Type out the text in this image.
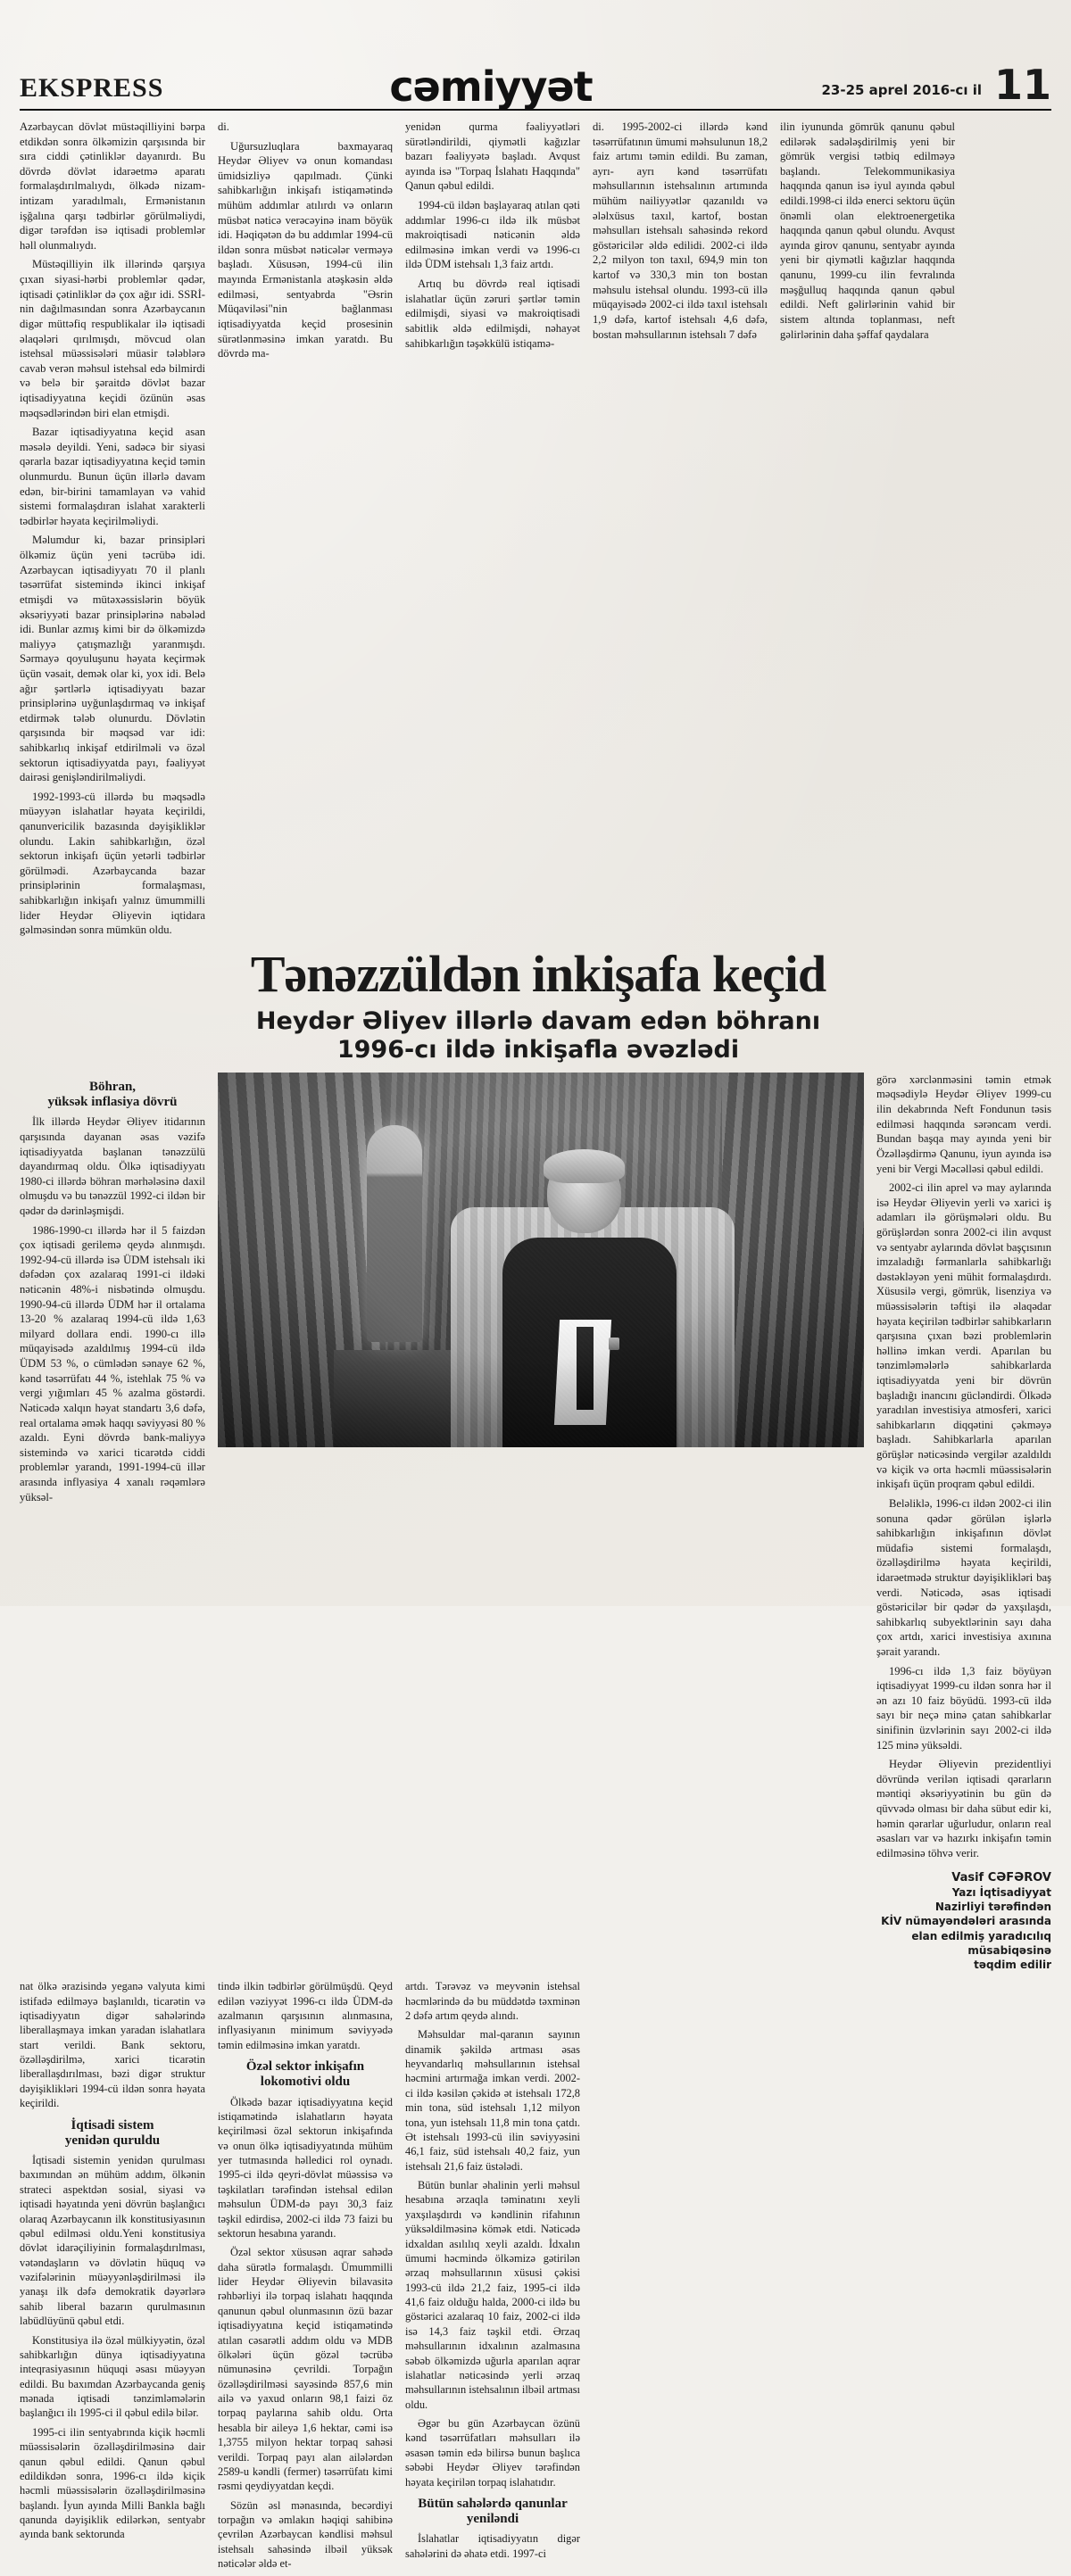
EKSPRESS	cəmiyyət	23-25 aprel 2016-cı il 11

Azərbaycan dövlət müstəqilliyini bərpa etdikdən sonra ölkəmizin qarşısında bir sıra ciddi çətinliklər dayanırdı. Bu dövrdə dövlət idarəetmə aparatı formalaşdırılmalıydı, ölkədə nizam-intizam yaradılmalı, Ermənistanın işğalına qarşı tədbirlər görülməliydi, digər tərəfdən isə iqtisadi problemlər həll olunmalıydı.

Müstəqilliyin ilk illərində qarşıya çıxan siyasi-hərbi problemlər qədər, iqtisadi çətinliklər də çox ağır idi. SSRİ-nin dağılmasından sonra Azərbaycanın digər müttəfiq respublikalar ilə iqtisadi əlaqələri qırılmışdı, mövcud olan istehsal müəssisələri müasir tələblərə cavab verən məhsul istehsal edə bilmirdi və belə bir şəraitdə dövlət bazar iqtisadiyyatına keçidi özünün əsas məqsədlərindən biri elan etmişdi.

Bazar iqtisadiyyatına keçid asan məsələ deyildi. Yeni, sadəcə bir siyasi qərarla bazar iqtisadiyyatına keçid təmin olunmurdu. Bunun üçün illərlə davam edən, bir-birini tamamlayan və vahid sistemi formalaşdıran islahat xarakterli tədbirlər həyata keçirilməliydi.

Məlumdur ki, bazar prinsipləri ölkəmiz üçün yeni təcrübə idi. Azərbaycan iqtisadiyyatı 70 il planlı təsərrüfat sistemində ikinci inkişaf etmişdi və mütəxəssislərin böyük əksəriyyəti bazar prinsiplərinə nabələd idi. Bunlar azmış kimi bir də ölkəmizdə maliyyə çatışmazlığı yaranmışdı. Sərmayə qoyuluşunu həyata keçirmək üçün vəsait, demək olar ki, yox idi. Belə ağır şərtlərlə iqtisadiyyatı bazar prinsiplərinə uyğunlaşdırmaq və inkişaf etdirmək tələb olunurdu. Dövlətin qarşısında bir məqsəd var idi: sahibkarlıq inkişaf etdirilməli və özəl sektorun iqtisadiyyatda payı, fəaliyyət dairəsi genişləndirilməliydi.

1992-1993-cü illərdə bu məqsədlə müəyyən islahatlar həyata keçirildi, qanunvericilik bazasında dəyişikliklər olundu. Lakin sahibkarlığın, özəl sektorun inkişafı üçün yetərli tədbirlər görülmədi. Azərbaycanda bazar prinsiplərinin formalaşması, sahibkarlığın inkişafı yalnız ümummilli lider Heydər Əliyevin iqtidara gəlməsindən sonra mümkün oldu.

di.

Uğursuzluqlara baxmayaraq Heydər Əliyev və onun komandası ümidsizliyə qapılmadı. Çünki sahibkarlığın inkişafı istiqamətində mühüm addımlar atılırdı və onların müsbət nəticə verəcəyinə inam böyük idi. Həqiqətən də bu addımlar 1994-cü ildən sonra müsbət nəticələr verməyə başladı. Xüsusən, 1994-cü ilin mayında Ermənistanla atəşkəsin əldə edilməsi, sentyabrda "Əsrin Müqaviləsi"nin bağlanması iqtisadiyyatda keçid prosesinin sürətlənməsinə imkan yaratdı. Bu dövrdə ma-

yenidən qurma fəaliyyətləri sürətləndirildi, qiymətli kağızlar bazarı fəaliyyətə başladı. Avqust ayında isə "Torpaq İslahatı Haqqında" Qanun qəbul edildi.

1994-cü ildən başlayaraq atılan qəti addımlar 1996-cı ildə ilk müsbət makroiqtisadi nəticənin əldə edilməsinə imkan verdi və 1996-cı ildə ÜDM istehsalı 1,3 faiz artdı.

Artıq bu dövrdə real iqtisadi islahatlar üçün zəruri şərtlər təmin edilmişdi, siyasi və makroiqtisadi sabitlik əldə edilmişdi, nəhayət sahibkarlığın təşəkkülü istiqamə-

di. 1995-2002-ci illərdə kənd təsərrüfatının ümumi məhsulunun 18,2 faiz artımı təmin edildi. Bu zaman, ayrı- ayrı kənd təsərrüfatı məhsullarının istehsalının artımında mühüm nailiyyətlər qazanıldı və ələlxüsus taxıl, kartof, bostan məhsulları istehsalı sahəsində rekord göstəricilər əldə edilidi. 2002-ci ildə 2,2 milyon ton taxıl, 694,9 min ton kartof və 330,3 min ton bostan məhsulu istehsal olundu. 1993-cü illə müqayisədə 2002-ci ildə taxıl istehsalı 1,9 dəfə, kartof istehsalı 4,6 dəfə, bostan məhsullarının istehsalı 7 dəfə

ilin iyununda gömrük qanunu qəbul edilərək sadələşdirilmiş yeni bir gömrük vergisi tətbiq edilməyə başlandı. Telekommunikasiya haqqında qanun isə iyul ayında qəbul edildi.1998-ci ildə enerci sektoru üçün önəmli olan elektroenergetika haqqında qanun qəbul olundu. Avqust ayında girov qanunu, sentyabr ayında yeni bir qiymətli kağızlar haqqında qanunu, 1999-cu ilin fevralında məşğulluq haqqında qanun qəbul edildi. Neft gəlirlərinin vahid bir sistem altında toplanması, neft gəlirlərinin daha şəffaf qaydalara

Tənəzzüldən inkişafa keçid
Heydər Əliyev illərlə davam edən böhranı
1996-cı ildə inkişafla əvəzlədi
Böhran,
yüksək inflasiya dövrü

İlk illərdə Heydər Əliyev itidarının qarşısında dayanan əsas vəzifə iqtisadiyyatda başlanan tənəzzülü dayandırmaq oldu. Ölkə iqtisadiyyatı 1980-ci illərdə böhran mərhələsinə daxil olmuşdu və bu tənəzzül 1992-ci ildən bir qədər də dərinləşmişdi.

1986-1990-cı illərdə hər il 5 faizdən çox iqtisadi gerilemə qeydə alınmışdı. 1992-94-cü illərdə isə ÜDM istehsalı iki dəfədən çox azalaraq 1991-ci ildəki nəticənin 48%-i nisbətində olmuşdu. 1990-94-cü illərdə ÜDM hər il ortalama 13-20 % azalaraq 1994-cü ildə 1,63 milyard dollara endi. 1990-cı illə müqayisədə azaldılmış 1994-cü ildə ÜDM 53 %, o cümlədən sənaye 62 %, kənd təsərrüfatı 44 %, istehlak 75 % və vergi yığımları 45 % azalma göstərdi. Nəticədə xalqın həyat standartı 3,6 dəfə, real ortalama əmək haqqı səviyyəsi 80 % azaldı. Eyni dövrdə bank-maliyyə sistemində və xarici ticarətdə ciddi problemlər yarandı, 1991-1994-cü illər arasında inflyasiya 4 xanalı rəqəmlərə yüksəl-

görə xərclənməsini təmin etmək məqsədiylə Heydər Əliyev 1999-cu ilin dekabrında Neft Fondunun təsis edilməsi haqqında sərəncam verdi. Bundan başqa may ayında yeni bir Özəlləşdirmə Qanunu, iyun ayında isə yeni bir Vergi Məcəlləsi qəbul edildi.

2002-ci ilin aprel və may aylarında isə Heydər Əliyevin yerli və xarici iş adamları ilə görüşmələri oldu. Bu görüşlərdən sonra 2002-ci ilin avqust və sentyabr aylarında dövlət başçısının imzaladığı fərmanlarla sahibkarlığı dəstəkləyən yeni mühit formalaşdırdı. Xüsusilə vergi, gömrük, lisenziya və müəssisələrin təftişi ilə əlaqədar həyata keçirilən tədbirlər sahibkarların qarşısına çıxan bəzi problemlərin həllinə imkan verdi. Aparılan bu tənzimləmələrlə sahibkarlarda iqtisadiyyatda yeni bir dövrün başladığı inancını gücləndirdi. Ölkədə yaradılan investisiya atmosferi, xarici sahibkarların diqqətini çəkməyə başladı. Sahibkarlarla aparılan görüşlər nəticəsində vergilər azaldıldı və kiçik və orta həcmli müəssisələrin inkişafı üçün proqram qəbul edildi.

Beləliklə, 1996-cı ildən 2002-ci ilin sonuna qədər görülən işlərlə sahibkarlığın inkişafının dövlət müdafiə sistemi formalaşdı, özəlləşdirilmə həyata keçirildi, idarəetmədə struktur dəyişiklikləri baş verdi. Nəticədə, əsas iqtisadi göstəricilər bir qədər də yaxşılaşdı, sahibkarlıq subyektlərinin sayı daha çox artdı, xarici investisiya axınına şərait yarandı.

1996-cı ildə 1,3 faiz böyüyən iqtisadiyyat 1999-cu ildən sonra hər il ən azı 10 faiz böyüdü. 1993-cü ildə sayı bir neçə minə çatan sahibkarlar sinifinin üzvlərinin sayı 2002-ci ildə 125 minə yüksəldi.

Heydər Əliyevin prezidentliyi dövründə verilən iqtisadi qərarların məntiqi əksəriyyətinin bu gün də qüvvədə olması bir daha sübut edir ki, həmin qərarlar uğurludur, onların real əsasları var və hazırkı inkişafın təmin edilməsinə töhvə verir.

Vasif CƏFƏROV
Yazı İqtisadiyyat
Nazirliyi tərəfindən
KİV nümayəndələri arasında
elan edilmiş yaradıcılıq
müsabiqəsinə
təqdim edilir

nat ölkə ərazisində yeganə valyuta kimi istifadə edilməyə başlanıldı, ticarətin və iqtisadiyyatın digər sahələrində liberallaşmaya imkan yaradan islahatlara start verildi. Bank sektoru, özəlləşdirilmə, xarici ticarətin liberallaşdırılması, bəzi digər struktur dəyişiklikləri 1994-cü ildən sonra həyata keçirildi.

İqtisadi sistem
yenidən quruldu

İqtisadi sistemin yenidən qurulması baxımından ən mühüm addım, ölkənin strateci aspektdən sosial, siyasi və iqtisadi həyatında yeni dövrün başlanğıcı olaraq Azərbaycanın ilk konstitusiyasının qəbul edilməsi oldu.Yeni konstitusiya dövlət idarəçiliyinin formalaşdırılması, vətəndaşların və dövlətin hüquq və vəzifələrinin müəyyənləşdirilməsi ilə yanaşı ilk dəfə demokratik dəyərlərə sahib liberal bazarın qurulmasının labüdlüyünü qəbul etdi.

Konstitusiya ilə özəl mülkiyyətin, özəl sahibkarlığın dünya iqtisadiyyatına inteqrasiyasının hüquqi əsası müəyyən edildi. Bu baxımdan Azərbaycanda geniş mənada iqtisadi tənzimləmələrin başlanğıcı ilı 1995-ci il qəbul edilə bilər.

1995-ci ilin sentyabrında kiçik həcmli müəssisələrin özəlləşdirilməsinə dair qanun qəbul edildi. Qanun qəbul edildikdən sonra, 1996-cı ildə kiçik həcmli müəssisələrin özəlləşdirilməsinə başlandı. İyun ayında Milli Bankla bağlı qanunda dəyişiklik edilərkən, sentyabr ayında bank sektorunda

tində ilkin tədbirlər görülmüşdü. Qeyd edilən vəziyyət 1996-cı ildə ÜDM-də azalmanın qarşısının alınmasına, inflyasiyanın minimum səviyyədə təmin edilməsinə imkan yaratdı.

Özəl sektor inkişafın
lokomotivi oldu

Ölkədə bazar iqtisadiyyatına keçid istiqamətində islahatların həyata keçirilməsi özəl sektorun inkişafında və onun ölkə iqtisadiyyatında mühüm yer tutmasında həlledici rol oynadı. 1995-ci ildə qeyri-dövlət müəssisə və təşkilatları tərəfindən istehsal edilən məhsulun ÜDM-də payı 30,3 faiz təşkil edirdisə, 2002-ci ildə 73 faizi bu sektorun hesabına yarandı.

Özəl sektor xüsusən aqrar sahədə daha sürətlə formalaşdı. Ümummilli lider Heydər Əliyevin bilavasitə rəhbərliyi ilə torpaq islahatı haqqında qanunun qəbul olunmasının özü bazar iqtisadiyyatına keçid istiqamətində atılan cəsarətli addım oldu və MDB ölkələri üçün gözəl təcrübə nümunəsinə çevrildi. Torpağın özəlləşdirilməsi sayəsində 857,6 min ailə və yaxud onların 98,1 faizi öz torpaq paylarına sahib oldu. Orta hesabla bir aileyə 1,6 hektar, cəmi isə 1,3755 milyon hektar torpaq sahəsi verildi. Torpaq payı alan ailələrdən 2589-u kəndli (fermer) təsərrüfatı kimi rəsmi qeydiyyatdan keçdi.

Sözün əsl mənasında, becərdiyi torpağın və əmlakın həqiqi sahibinə çevrilən Azərbaycan kəndlisi məhsul istehsalı sahəsində ilbəil yüksək nəticələr əldə et-

artdı. Tərəvəz və meyvənin istehsal həcmlərində də bu müddətdə təxminən 2 dəfə artım qeydə alındı.

Məhsuldar mal-qaranın sayının dinamik şəkildə artması əsas heyvandarlıq məhsullarının istehsal həcmini artırmağa imkan verdi. 2002-ci ildə kəsilən çəkidə ət istehsalı 172,8 min tona, süd istehsalı 1,12 milyon tona, yun istehsalı 11,8 min tona çatdı. Ət istehsalı 1993-cü ilin səviyyəsini 46,1 faiz, süd istehsalı 40,2 faiz, yun istehsalı 21,6 faiz üstələdi.

Bütün bunlar əhalinin yerli məhsul hesabına ərzaqla təminatını xeyli yaxşılaşdırdı və kəndlinin rifahının yüksəldilməsinə kömək etdi. Nəticədə idxaldan asılılıq xeyli azaldı. İdxalın ümumi həcmində ölkəmizə gətirilən ərzaq məhsullarının xüsusi çəkisi 1993-cü ildə 21,2 faiz, 1995-ci ildə 41,6 faiz olduğu halda, 2000-ci ildə bu göstərici azalaraq 10 faiz, 2002-ci ildə isə 14,3 faiz təşkil etdi. Ərzaq məhsullarının idxalının azalmasına səbəb ölkəmizdə uğurla aparılan aqrar islahatlar nəticəsində yerli ərzaq məhsullarının istehsalının ilbəil artması oldu.

Əgər bu gün Azərbaycan özünü kənd təsərrüfatları məhsulları ilə əsasən təmin edə bilirsə bunun başlıca səbəbi Heydər Əliyev tərəfindən həyata keçirilən torpaq islahatıdır.

Bütün sahələrdə qanunlar
yeniləndi

İslahatlar iqtisadiyyatın digər sahələrini də əhatə etdi. 1997-ci
